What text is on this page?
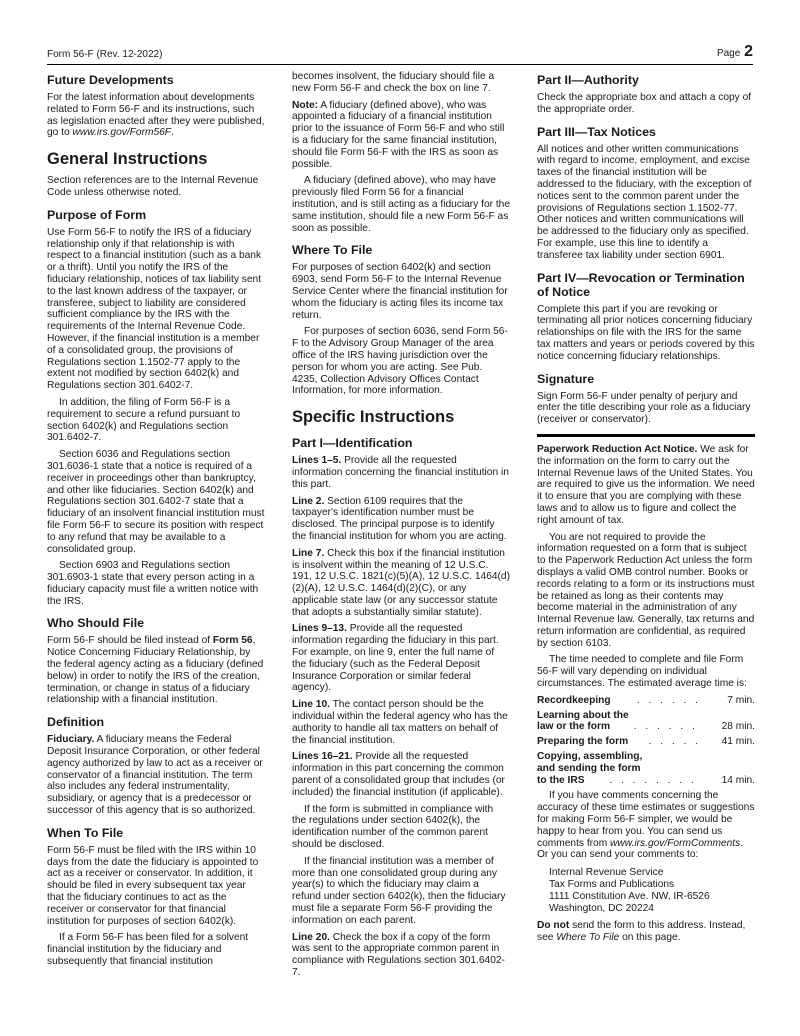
Form 56-F (Rev. 12-2022)	Page 2
Future Developments

For the latest information about developments related to Form 56-F and its instructions, such as legislation enacted after they were published, go to www.irs.gov/Form56F.

General Instructions

Section references are to the Internal Revenue Code unless otherwise noted.

Purpose of Form

Use Form 56-F to notify the IRS of a fiduciary relationship only if that relationship is with respect to a financial institution (such as a bank or a thrift). Until you notify the IRS of the fiduciary relationship, notices of tax liability sent to the last known address of the taxpayer, or transferee, subject to liability are considered sufficient compliance by the IRS with the requirements of the Internal Revenue Code. However, if the financial institution is a member of a consolidated group, the provisions of Regulations section 1.1502-77 apply to the extent not modified by section 6402(k) and Regulations section 301.6402-7.

In addition, the filing of Form 56-F is a requirement to secure a refund pursuant to section 6402(k) and Regulations section 301.6402-7.

Section 6036 and Regulations section 301.6036-1 state that a notice is required of a receiver in proceedings other than bankruptcy, and other like fiduciaries. Section 6402(k) and Regulations section 301.6402-7 state that a fiduciary of an insolvent financial institution must file Form 56-F to secure its position with respect to any refund that may be available to a consolidated group.

Section 6903 and Regulations section 301.6903-1 state that every person acting in a fiduciary capacity must file a written notice with the IRS.

Who Should File

Form 56-F should be filed instead of Form 56, Notice Concerning Fiduciary Relationship, by the federal agency acting as a fiduciary (defined below) in order to notify the IRS of the creation, termination, or change in status of a fiduciary relationship with a financial institution.

Definition

Fiduciary. A fiduciary means the Federal Deposit Insurance Corporation, or other federal agency authorized by law to act as a receiver or conservator of a financial institution. The term also includes any federal instrumentality, subsidiary, or agency that is a predecessor or successor of this agency that is so authorized.

When To File

Form 56-F must be filed with the IRS within 10 days from the date the fiduciary is appointed to act as a receiver or conservator. In addition, it should be filed in every subsequent tax year that the fiduciary continues to act as the receiver or conservator for that financial institution for purposes of section 6402(k).

If a Form 56-F has been filed for a solvent financial institution by the fiduciary and subsequently that financial institution

becomes insolvent, the fiduciary should file a new Form 56-F and check the box on line 7.

Note: A fiduciary (defined above), who was appointed a fiduciary of a financial institution prior to the issuance of Form 56-F and who still is a fiduciary for the same financial institution, should file Form 56-F with the IRS as soon as possible.

A fiduciary (defined above), who may have previously filed Form 56 for a financial institution, and is still acting as a fiduciary for the same institution, should file a new Form 56-F as soon as possible.

Where To File

For purposes of section 6402(k) and section 6903, send Form 56-F to the Internal Revenue Service Center where the financial institution for whom the fiduciary is acting files its income tax return.

For purposes of section 6036, send Form 56-F to the Advisory Group Manager of the area office of the IRS having jurisdiction over the person for whom you are acting. See Pub. 4235, Collection Advisory Offices Contact Information, for more information.

Specific Instructions
Part I—Identification

Lines 1–5. Provide all the requested information concerning the financial institution in this part.

Line 2. Section 6109 requires that the taxpayer's identification number must be disclosed. The principal purpose is to identify the financial institution for whom you are acting.

Line 7. Check this box if the financial institution is insolvent within the meaning of 12 U.S.C. 191, 12 U.S.C. 1821(c)(5)(A), 12 U.S.C. 1464(d)(2)(A), 12 U.S.C. 1464(d)(2)(C), or any applicable state law (or any successor statute that adopts a substantially similar statute).

Lines 9–13. Provide all the requested information regarding the fiduciary in this part. For example, on line 9, enter the full name of the fiduciary (such as the Federal Deposit Insurance Corporation or similar federal agency).

Line 10. The contact person should be the individual within the federal agency who has the authority to handle all tax matters on behalf of the financial institution.

Lines 16–21. Provide all the requested information in this part concerning the common parent of a consolidated group that includes (or included) the financial institution (if applicable).

If the form is submitted in compliance with the regulations under section 6402(k), the identification number of the common parent should be disclosed.

If the financial institution was a member of more than one consolidated group during any year(s) to which the fiduciary may claim a refund under section 6402(k), then the fiduciary must file a separate Form 56-F providing the information on each parent.

Line 20. Check the box if a copy of the form was sent to the appropriate common parent in compliance with Regulations section 301.6402-7.

Part II—Authority

Check the appropriate box and attach a copy of the appropriate order.

Part III—Tax Notices

All notices and other written communications with regard to income, employment, and excise taxes of the financial institution will be addressed to the fiduciary, with the exception of notices sent to the common parent under the provisions of Regulations section 1.1502-77. Other notices and written communications will be addressed to the fiduciary only as specified. For example, use this line to identify a transferee tax liability under section 6901.

Part IV—Revocation or Termination of Notice

Complete this part if you are revoking or terminating all prior notices concerning fiduciary relationships on file with the IRS for the same tax matters and years or periods covered by this notice concerning fiduciary relationships.

Signature

Sign Form 56-F under penalty of perjury and enter the title describing your role as a fiduciary (receiver or conservator).

Paperwork Reduction Act Notice. We ask for the information on the form to carry out the Internal Revenue laws of the United States. You are required to give us the information. We need it to ensure that you are complying with these laws and to allow us to figure and collect the right amount of tax.

You are not required to provide the information requested on a form that is subject to the Paperwork Reduction Act unless the form displays a valid OMB control number. Books or records relating to a form or its instructions must be retained as long as their contents may become material in the administration of any Internal Revenue law. Generally, tax returns and return information are confidential, as required by section 6103.

The time needed to complete and file Form 56-F will vary depending on individual circumstances. The estimated average time is:

Recordkeeping	. . . . . .	7 min.
Learning about the
law or the form	. . . . . .	28 min.
Preparing the form	. . . . .	41 min.
Copying, assembling,
and sending the form
to the IRS	. . . . . . . .	14 min.

If you have comments concerning the accuracy of these time estimates or suggestions for making Form 56-F simpler, we would be happy to hear from you. You can send us comments from www.irs.gov/FormComments. Or you can send your comments to:

Internal Revenue Service
Tax Forms and Publications
1111 Constitution Ave. NW, IR-6526
Washington, DC 20224

Do not send the form to this address. Instead, see Where To File on this page.
